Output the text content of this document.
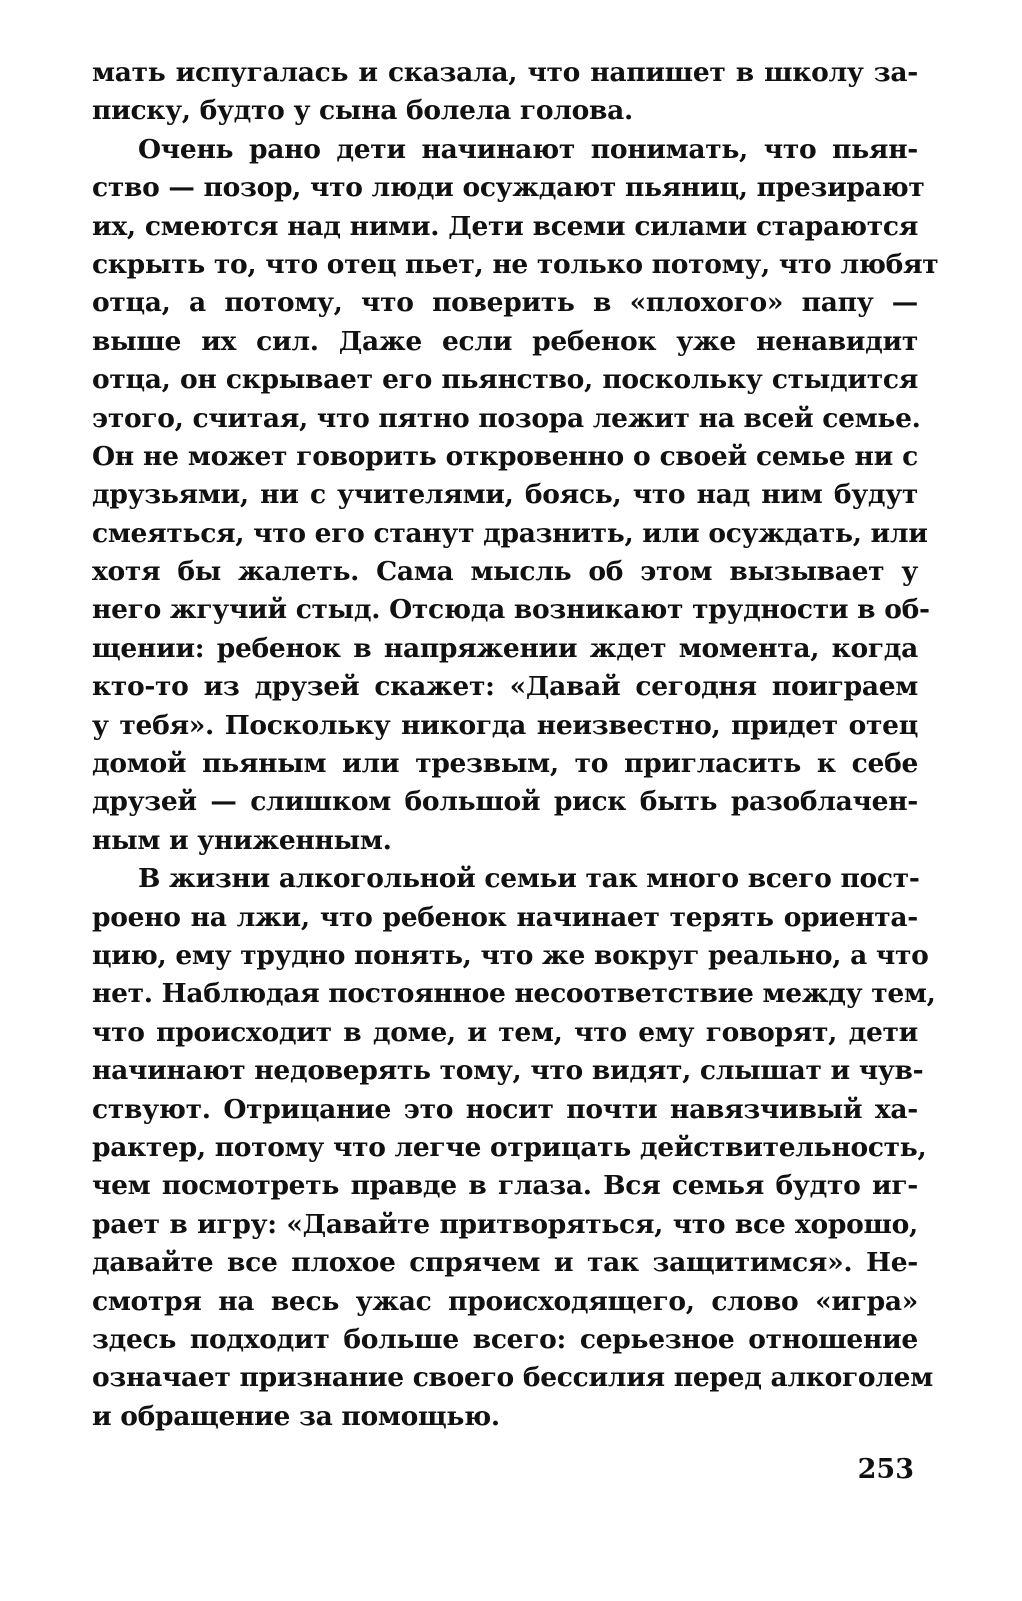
мать испугалась и сказала, что напишет в школу за-
писку, будто у сына болела голова.
Очень рано дети начинают понимать, что пьян-
ство — позор, что люди осуждают пьяниц, презирают
их, смеются над ними. Дети всеми силами стараются
скрыть то, что отец пьет, не только потому, что любят
отца, а потому, что поверить в «плохого» папу —
выше их сил. Даже если ребенок уже ненавидит
отца, он скрывает его пьянство, поскольку стыдится
этого, считая, что пятно позора лежит на всей семье.
Он не может говорить откровенно о своей семье ни с
друзьями, ни с учителями, боясь, что над ним будут
смеяться, что его станут дразнить, или осуждать, или
хотя бы жалеть. Сама мысль об этом вызывает у
него жгучий стыд. Отсюда возникают трудности в об-
щении: ребенок в напряжении ждет момента, когда
кто-то из друзей скажет: «Давай сегодня поиграем
у тебя». Поскольку никогда неизвестно, придет отец
домой пьяным или трезвым, то пригласить к себе
друзей — слишком большой риск быть разоблачен-
ным и униженным.
В жизни алкогольной семьи так много всего пост-
роено на лжи, что ребенок начинает терять ориента-
цию, ему трудно понять, что же вокруг реально, а что
нет. Наблюдая постоянное несоответствие между тем,
что происходит в доме, и тем, что ему говорят, дети
начинают недоверять тому, что видят, слышат и чув-
ствуют. Отрицание это носит почти навязчивый ха-
рактер, потому что легче отрицать действительность,
чем посмотреть правде в глаза. Вся семья будто иг-
рает в игру: «Давайте притворяться, что все хорошо,
давайте все плохое спрячем и так защитимся». Не-
смотря на весь ужас происходящего, слово «игра»
здесь подходит больше всего: серьезное отношение
означает признание своего бессилия перед алкоголем
и обращение за помощью.
253
